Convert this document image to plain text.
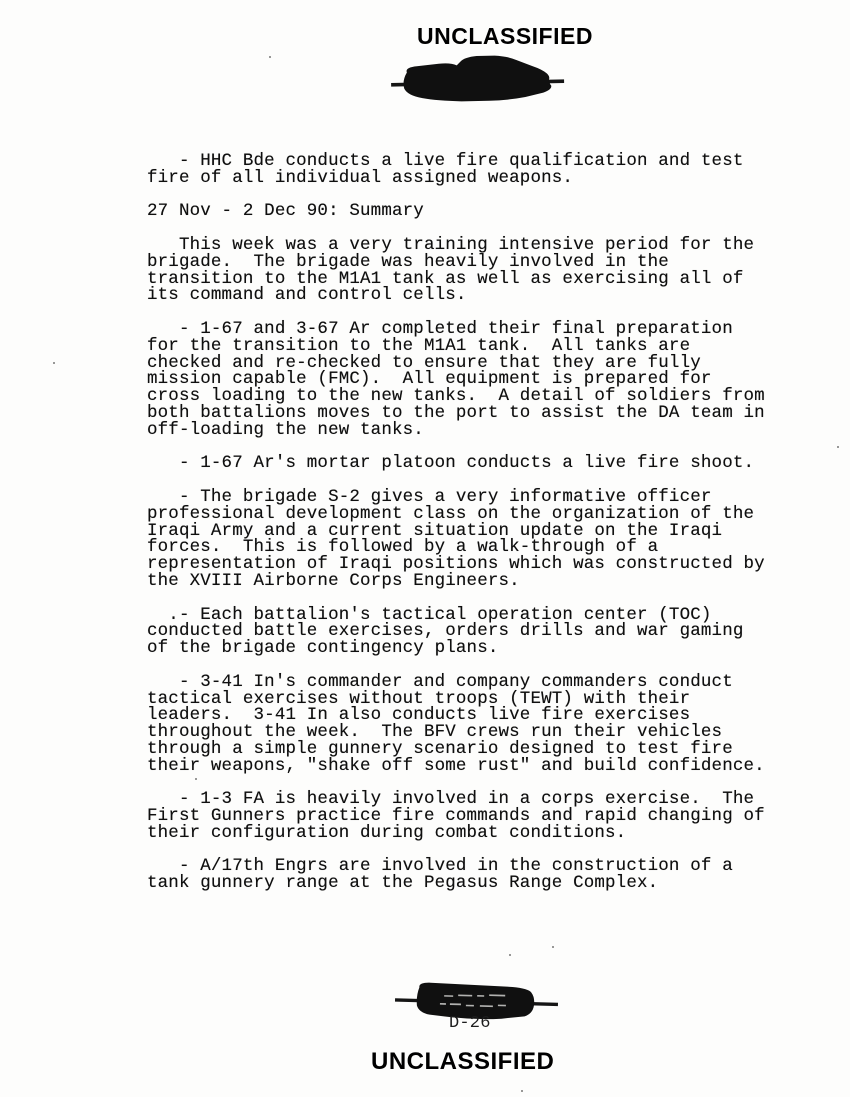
UNCLASSIFIED
- HHC Bde conducts a live fire qualification and test
fire of all individual assigned weapons.
27 Nov - 2 Dec 90: Summary
This week was a very training intensive period for the
brigade.  The brigade was heavily involved in the
transition to the M1A1 tank as well as exercising all of
its command and control cells.
- 1-67 and 3-67 Ar completed their final preparation
for the transition to the M1A1 tank.  All tanks are
checked and re-checked to ensure that they are fully
mission capable (FMC).  All equipment is prepared for
cross loading to the new tanks.  A detail of soldiers from
both battalions moves to the port to assist the DA team in
off-loading the new tanks.
- 1-67 Ar's mortar platoon conducts a live fire shoot.
- The brigade S-2 gives a very informative officer
professional development class on the organization of the
Iraqi Army and a current situation update on the Iraqi
forces.  This is followed by a walk-through of a
representation of Iraqi positions which was constructed by
the XVIII Airborne Corps Engineers.
.- Each battalion's tactical operation center (TOC)
conducted battle exercises, orders drills and war gaming
of the brigade contingency plans.
- 3-41 In's commander and company commanders conduct
tactical exercises without troops (TEWT) with their
leaders.  3-41 In also conducts live fire exercises
throughout the week.  The BFV crews run their vehicles
through a simple gunnery scenario designed to test fire
their weapons, "shake off some rust" and build confidence.
- 1-3 FA is heavily involved in a corps exercise.  The
First Gunners practice fire commands and rapid changing of
their configuration during combat conditions.
- A/17th Engrs are involved in the construction of a
tank gunnery range at the Pegasus Range Complex.
D-26
UNCLASSIFIED
